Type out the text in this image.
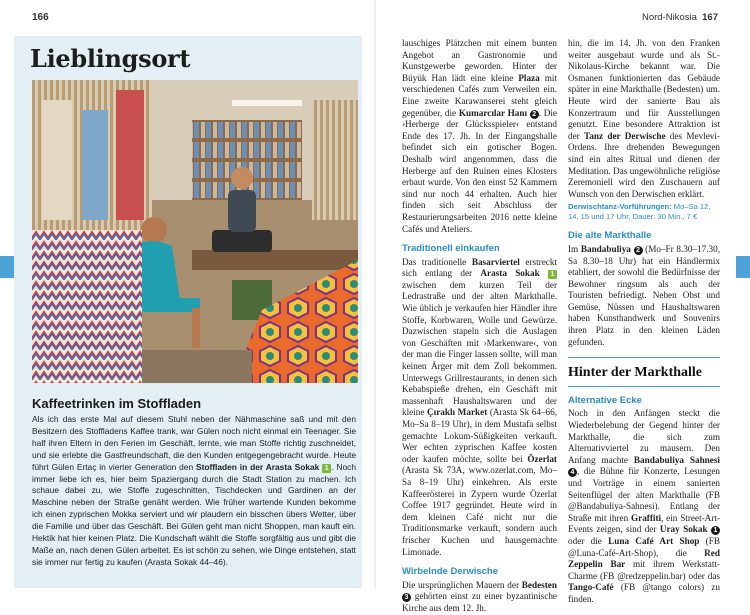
166	Nord-Nikosia 167
Lieblingsort
Kaffeetrinken im Stoffladen
Als ich das erste Mal auf diesem Stuhl neben der Nähmaschine saß und mit den Besitzern des Stoffladens Kaffee trank, war Gülen noch nicht einmal ein Teenager. Sie half ihren Eltern in den Ferien im Geschäft, lernte, wie man Stoffe richtig zuschneidet, und sie erlebte die Gastfreundschaft, die den Kunden entgegengebracht wurde. Heute führt Gülen Ertaç in vierter Generation den Stoffladen in der Arasta Sokak 1 . Noch immer liebe ich es, hier beim Spaziergang durch die Stadt Station zu machen. Ich schaue dabei zu, wie Stoffe zugeschnitten, Tischdecken und Gardinen an der Maschine neben der Straße genäht werden. Wie früher wartende Kunden bekomme ich einen zyprischen Mokka serviert und wir plaudern ein bisschen übers Wetter, über die Familie und über das Geschäft. Bei Gülen geht man nicht Shoppen, man kauft ein. Hektik hat hier keinen Platz. Die Kundschaft wählt die Stoffe sorgfältig aus und gibt die Maße an, nach denen Gülen arbeitet. Es ist schön zu sehen, wie Dinge entstehen, statt sie immer nur fertig zu kaufen (Arasta Sokak 44–46).

lauschiges Plätzchen mit einem bunten Angebot an Gastronomie und Kunstgewerbe geworden. Hinter der Büyük Han lädt eine kleine Plaza mit verschiedenen Cafés zum Verweilen ein. Eine zweite Karawanserei steht gleich gegenüber, die Kumarcılar Hanı 2 . Die ›Herberge der Glücksspieler‹ entstand Ende des 17. Jh. In der Eingangshalle befindet sich ein gotischer Bogen. Deshalb wird angenommen, dass die Herberge auf den Ruinen eines Klosters erbaut wurde. Von den einst 52 Kammern sind nur noch 44 erhalten. Auch hier finden sich seit Abschluss der Restaurierungsarbeiten 2016 nette kleine Cafés und Ateliers.

Traditionell einkaufen

Das traditionelle Basarviertel erstreckt sich entlang der Arasta Sokak 1 zwischen dem kurzen Teil der Ledrastraße und der alten Markthalle. Wie üblich je verkaufen hier Händler ihre Stoffe, Korbwaren, Wolle und Gewürze. Dazwischen stapeln sich die Auslagen von Geschäften mit ›Markenware‹, von der man die Finger lassen sollte, will man keinen Ärger mit dem Zoll bekommen. Unterwegs Grillrestaurants, in denen sich Kebabspieße drehen, ein Geschäft mit massenhaft Haushaltswaren und der kleine Çıraklı Market (Arasta Sk 64–66, Mo–Sa 8–19 Uhr), in dem Mustafa selbst gemachte Lokum-Süßigkeiten verkauft. Wer echten zyprischen Kaffee kosten oder kaufen möchte, sollte bei Özerlat (Arasta Sk 73A, www.ozerlat.com, Mo–Sa 8–19 Uhr) einkehren. Als erste Kaffeerösterei in Zypern wurde Özerlat Coffee 1917 gegründet. Heute wird in dem kleinen Café nicht nur die Traditionsmarke verkauft, sondern auch frischer Kuchen und hausgemachte Limonade.

Wirbelnde Derwische

Die ursprünglichen Mauern der Bedesten 3 gehörten einst zu einer byzantinische Kirche aus dem 12. Jh.

hin, die im 14. Jh. von den Franken weiter ausgebaut wurde und als St.-Nikolaus-Kirche bekannt war. Die Osmanen funktionierten das Gebäude später in eine Markthalle (Bedesten) um. Heute wird der sanierte Bau als Konzertraum und für Ausstellungen genutzt. Eine besondere Attraktion ist der Tanz der Derwische des Mevlevi-Ordens. Ihre drehenden Bewegungen sind ein altes Ritual und dienen der Meditation. Das ungewöhnliche religiöse Zeremoniell wird den Zuschauern auf Wunsch von den Derwischen erklärt.

Derwischtanz-Vorführungen: Mo–Sa 12, 14, 15 und 17 Uhr, Dauer: 30 Min., 7 €
Die alte Markthalle

Im Bandabuliya 2 (Mo–Fr 8.30–17.30, Sa 8.30–18 Uhr) hat ein Händlermix etabliert, der sowohl die Bedürfnisse der Bewohner ringsum als auch der Touristen befriedigt. Neben Obst und Gemüse, Nüssen und Haushaltswaren haben Kunsthandwerk und Souvenirs ihren Platz in den kleinen Läden gefunden.

Hinter der Markthalle
Alternative Ecke

Noch in den Anfängen steckt die Wiederbelebung der Gegend hinter der Markthalle, die sich zum Alternativviertel zu mausern. Den Anfang machte Bandabuliya Sahnesi 4 , die Bühne für Konzerte, Lesungen und Vorträge in einem sanierten Seitenflügel der alten Markthalle (FB @Bandabuliya-Sahnesi). Entlang der Straße mit ihren Graffiti, ein Street-Art-Events zeigen, sind der Uray Sokak 1 oder die Luna Café Art Shop (FB @Luna-Café-Art-Shop), die Red Zeppelin Bar mit ihrem Werkstatt-Charme (FB @redzeppelin.bar) oder das Tango-Café (FB @tango colors) zu finden.
